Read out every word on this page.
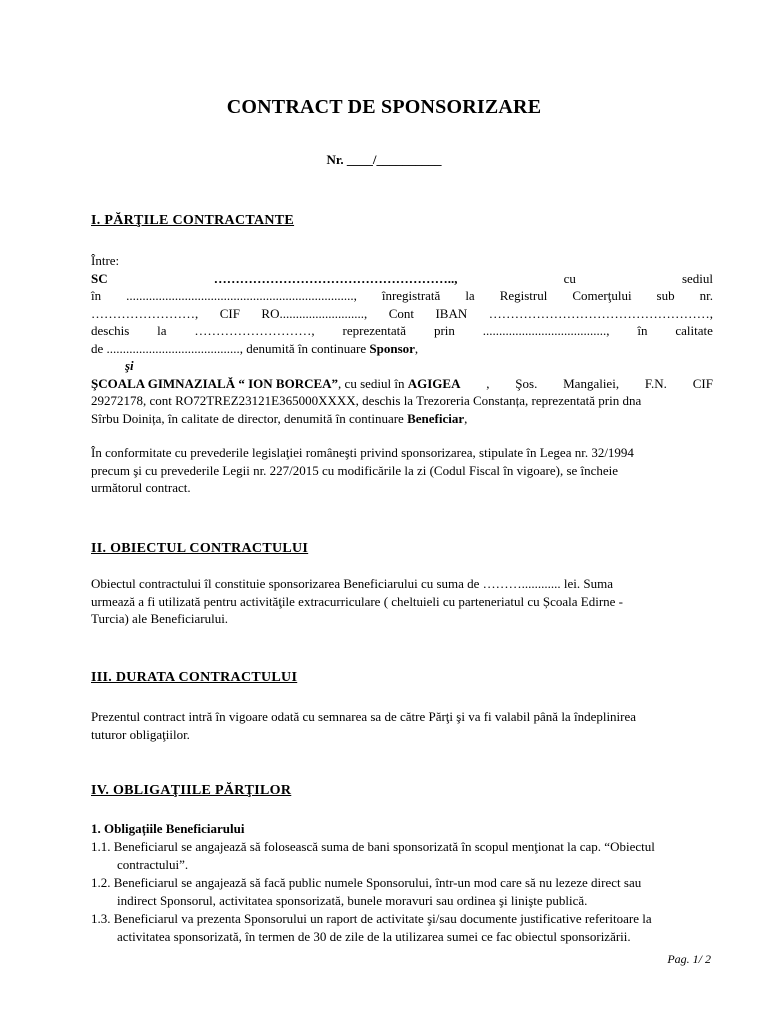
CONTRACT DE SPONSORIZARE
Nr. ____/__________
I. PĂRŢILE CONTRACTANTE
Între:
SC	………………………………………………..,	cu	sediul
în ......................................................................, înregistrată la Registrul Comerţului sub nr.
……………………, CIF RO.........................., Cont IBAN ……………………………………………,
deschis la ………………………, reprezentată prin ......................................, în calitate
de ........................................., denumită în continuare Sponsor,
şi
ŞCOALA GIMNAZIALĂ “ ION BORCEA”, cu sediul în AGIGEA , Şos. Mangaliei, F.N. CIF
29272178, cont RO72TREZ23121E365000XXXX, deschis la Trezoreria Constanța, reprezentată prin dna
Sîrbu Doinița, în calitate de director, denumită în continuare Beneficiar,
În conformitate cu prevederile legislaţiei româneşti privind sponsorizarea, stipulate în Legea nr. 32/1994
precum şi cu prevederile Legii nr. 227/2015 cu modificările la zi (Codul Fiscal în vigoare), se încheie
următorul contract.
II. OBIECTUL CONTRACTULUI
Obiectul contractului îl constituie sponsorizarea Beneficiarului cu suma de ………............ lei. Suma
urmează a fi utilizată pentru activităţile extracurriculare ( cheltuieli cu parteneriatul cu Școala Edirne -
Turcia) ale Beneficiarului.
III. DURATA CONTRACTULUI
Prezentul contract intră în vigoare odată cu semnarea sa de către Părţi şi va fi valabil până la îndeplinirea
tuturor obligaţiilor.
IV. OBLIGAŢIILE PĂRŢILOR
1. Obligațiile Beneficiarului
1.1. Beneficiarul se angajează să folosească suma de bani sponsorizată în scopul menţionat la cap. “Obiectul
contractului”.
1.2. Beneficiarul se angajează să facă public numele Sponsorului, într-un mod care să nu lezeze direct sau
indirect Sponsorul, activitatea sponsorizată, bunele moravuri sau ordinea şi linişte publică.
1.3. Beneficiarul va prezenta Sponsorului un raport de activitate şi/sau documente justificative referitoare la
activitatea sponsorizată, în termen de 30 de zile de la utilizarea sumei ce fac obiectul sponsorizării.
Pag. 1/ 2
